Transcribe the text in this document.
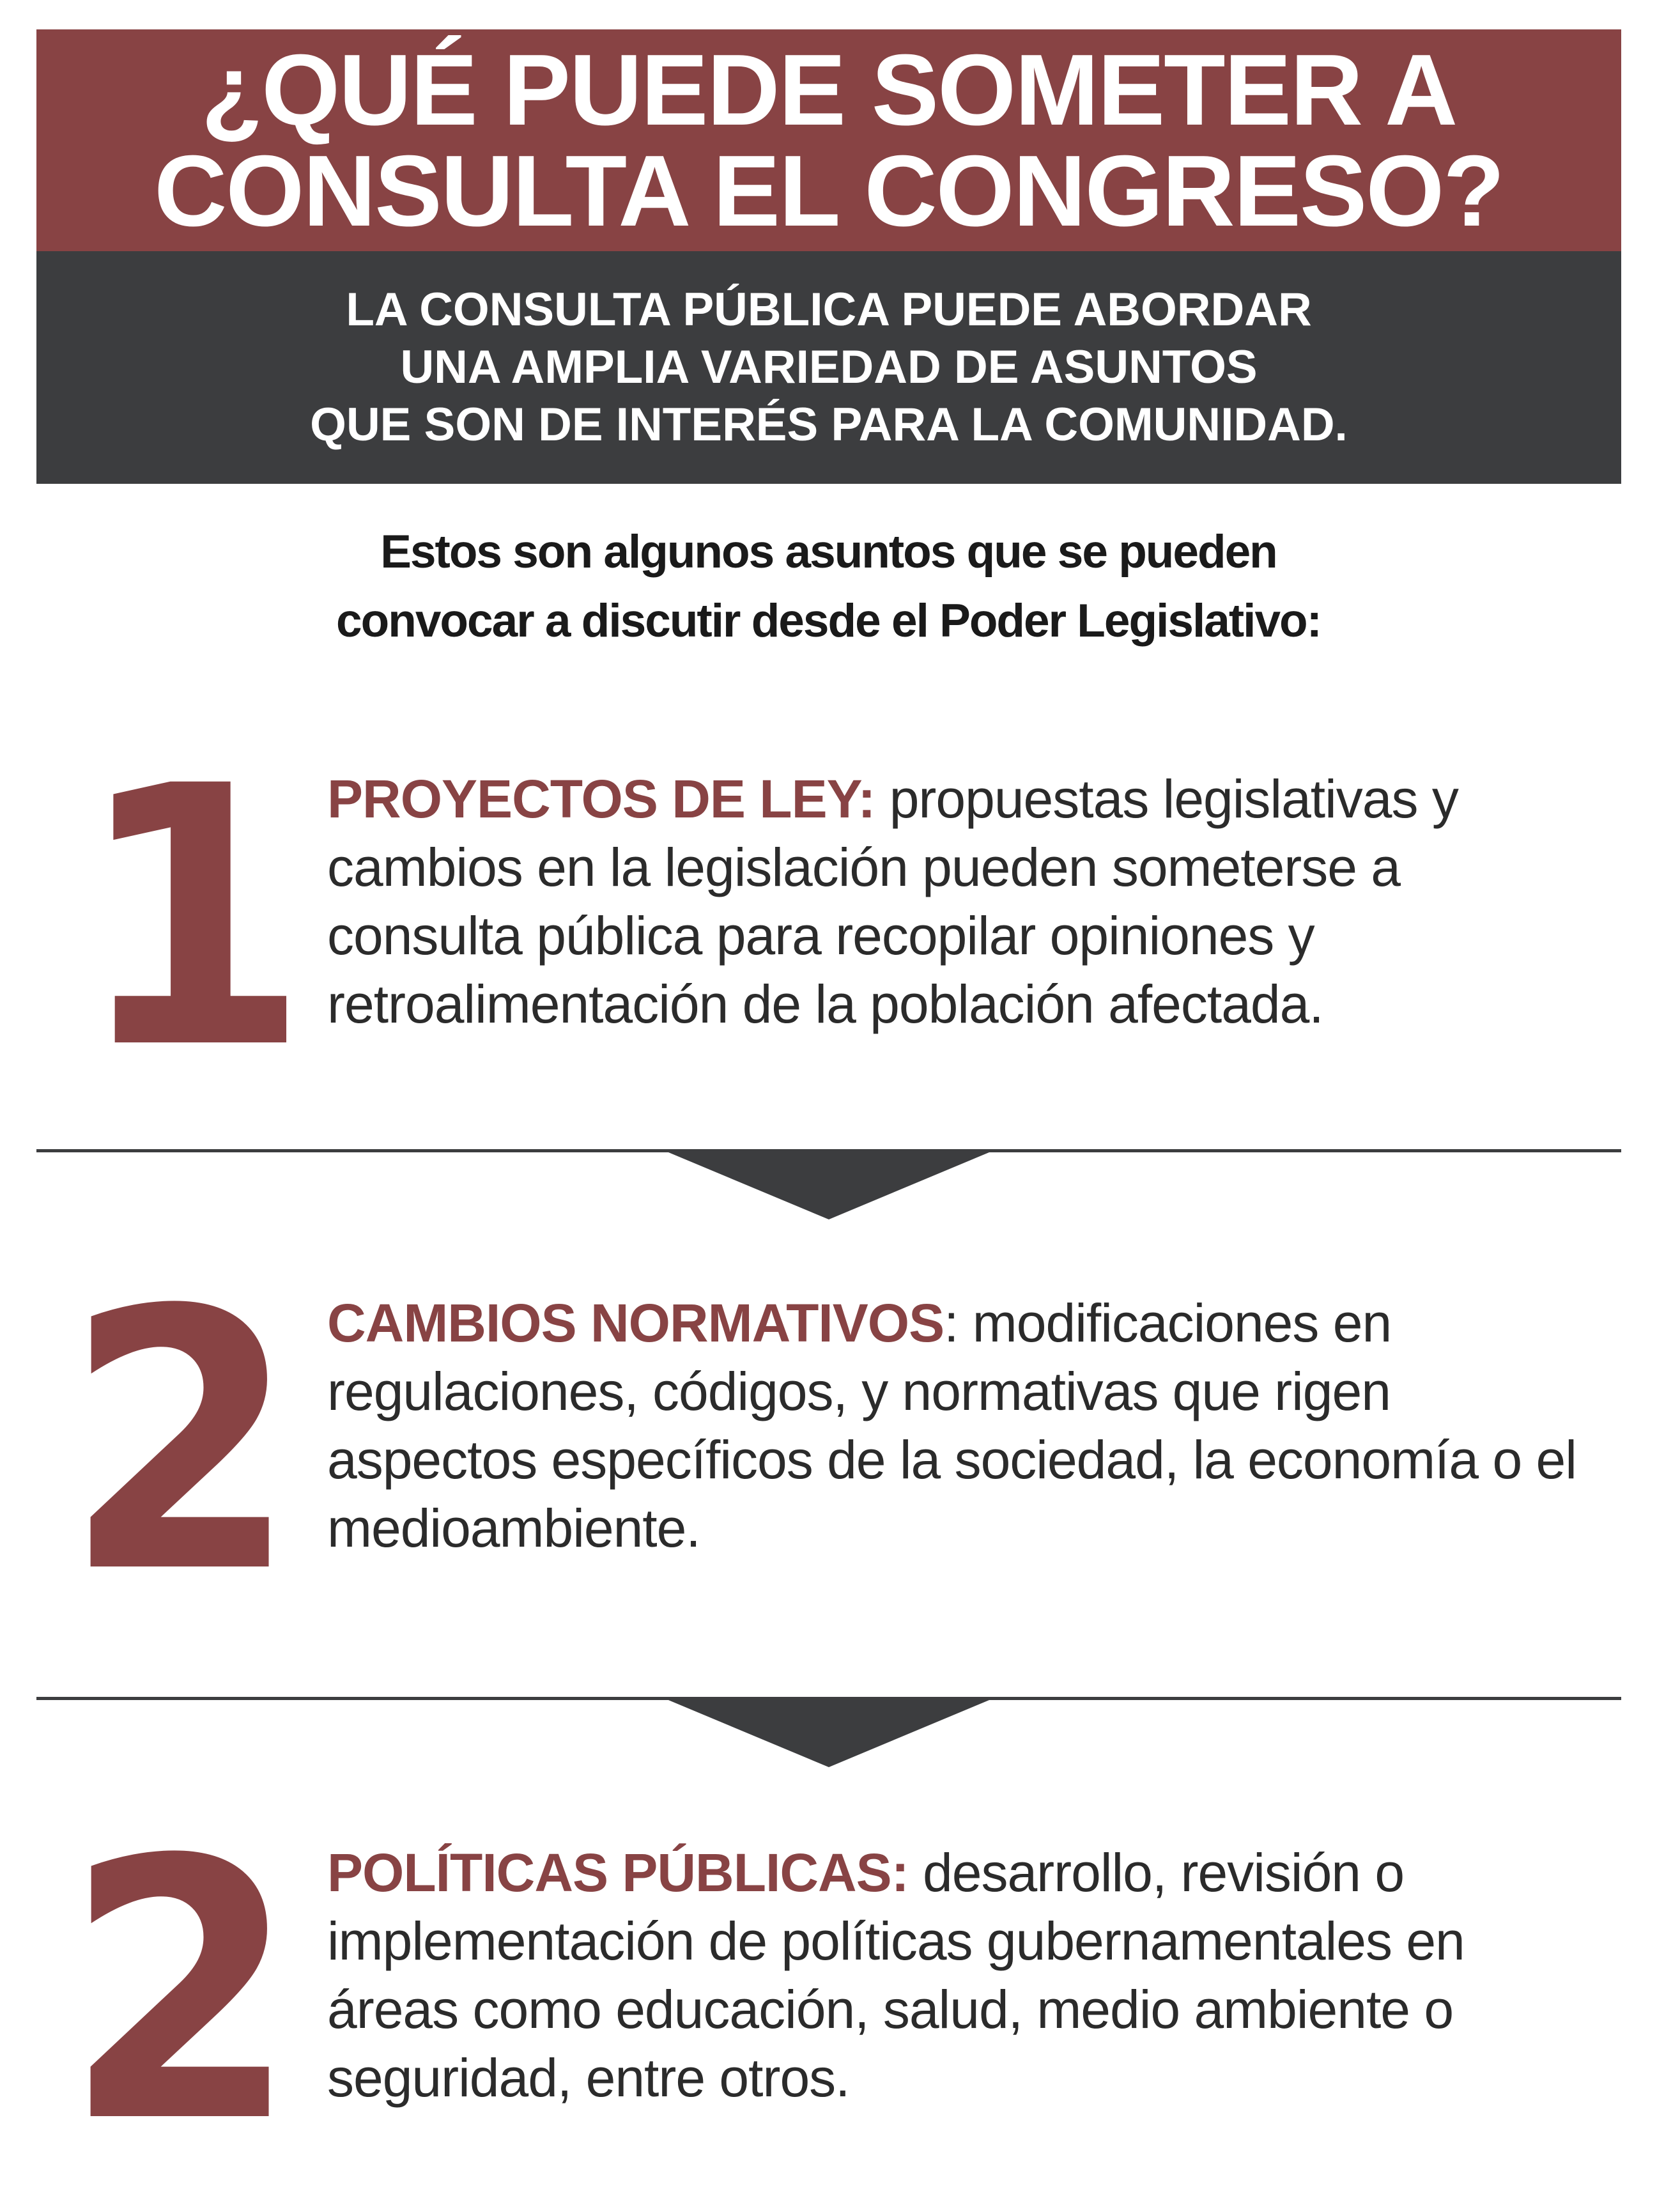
¿QUÉ PUEDE SOMETER A
CONSULTA EL CONGRESO?
LA CONSULTA PÚBLICA PUEDE ABORDAR
UNA AMPLIA VARIEDAD DE ASUNTOS
QUE SON DE INTERÉS PARA LA COMUNIDAD.
Estos son algunos asuntos que se pueden
convocar a discutir desde el Poder Legislativo:
1 PROYECTOS DE LEY: propuestas legislativas y cambios en la legislación pueden someterse a consulta pública para recopilar opiniones y retroalimentación de la población afectada.
2 CAMBIOS NORMATIVOS: modificaciones en regulaciones, códigos, y normativas que rigen aspectos específicos de la sociedad, la economía o el medioambiente.
2 POLÍTICAS PÚBLICAS: desarrollo, revisión o implementación de políticas gubernamentales en áreas como educación, salud, medio ambiente o seguridad, entre otros.
